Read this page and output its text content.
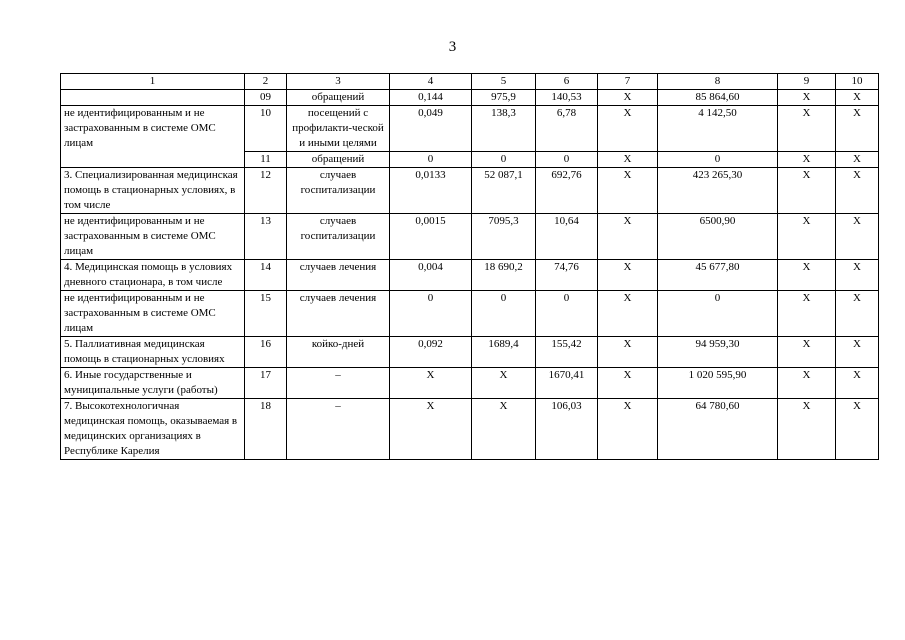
3
1	2	3	4	5	6	7	8	9	10
	09	обращений	0,144	975,9	140,53	Х	85 864,60	Х	Х
не идентифицированным и не застрахованным в системе ОМС лицам	10	посещений с профилакти-ческой и иными целями	0,049	138,3	6,78	Х	4 142,50	Х	Х
	11	обращений	0	0	0	Х	0	Х	Х
3. Специализированная медицинская помощь в стационарных условиях, в том числе	12	случаев госпитализации	0,0133	52 087,1	692,76	Х	423 265,30	Х	Х
не идентифицированным и не застрахованным в системе ОМС лицам	13	случаев госпитализации	0,0015	7095,3	10,64	Х	6500,90	Х	Х
4. Медицинская помощь в условиях дневного стационара, в том числе	14	случаев лечения	0,004	18 690,2	74,76	Х	45 677,80	Х	Х
не идентифицированным и не застрахованным в системе ОМС лицам	15	случаев лечения	0	0	0	Х	0	Х	Х
5. Паллиативная медицинская помощь в стационарных условиях	16	койко-дней	0,092	1689,4	155,42	Х	94 959,30	Х	Х
6. Иные государственные и муниципальные услуги (работы)	17	–	Х	Х	1670,41	Х	1 020 595,90	Х	Х
7. Высокотехнологичная медицинская помощь, оказываемая в медицинских организациях в Республике Карелия	18	–	Х	Х	106,03	Х	64 780,60	Х	Х
